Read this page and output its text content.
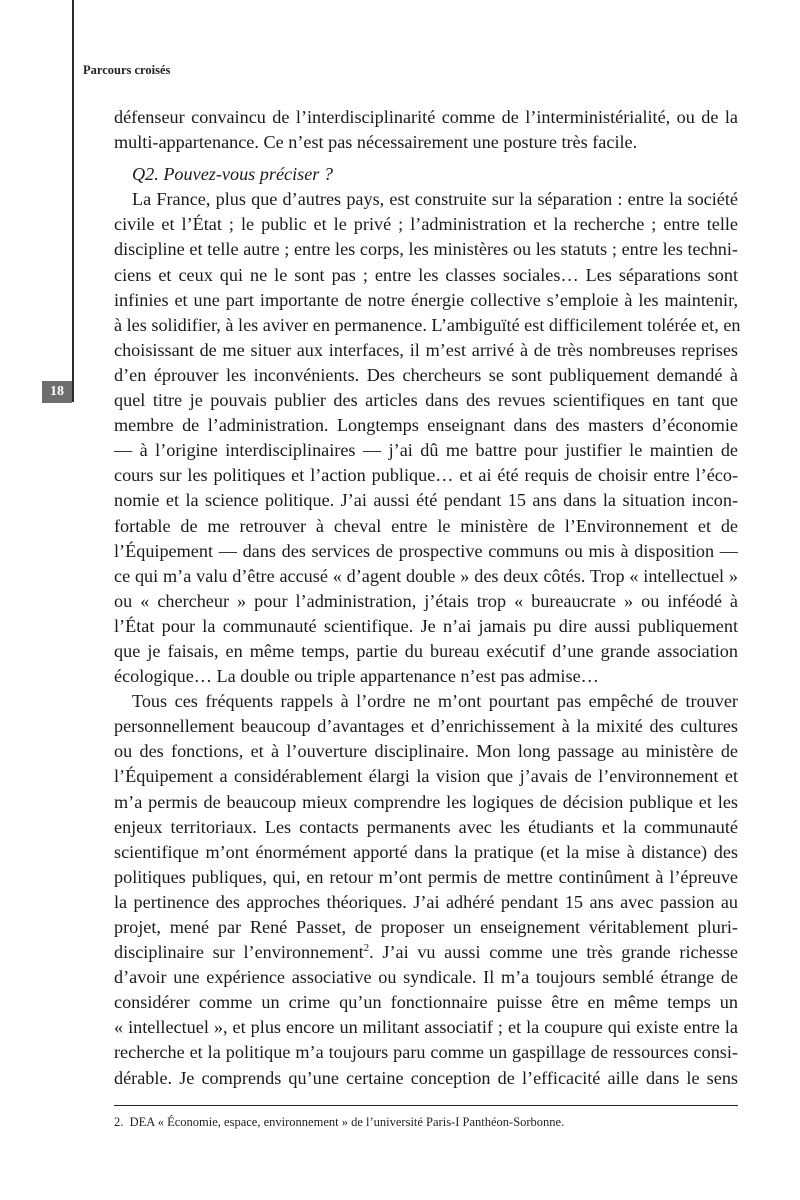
18
Parcours croisés

défenseur convaincu de l’interdisciplinarité comme de l’interministérialité, ou de la
multi-appartenance. Ce n’est pas nécessairement une posture très facile.

Q2. Pouvez-vous préciser ?

La France, plus que d’autres pays, est construite sur la séparation : entre la société
civile et l’État ; le public et le privé ; l’administration et la recherche ; entre telle
discipline et telle autre ; entre les corps, les ministères ou les statuts ; entre les techni-
ciens et ceux qui ne le sont pas ; entre les classes sociales… Les séparations sont
infinies et une part importante de notre énergie collective s’emploie à les maintenir,
à les solidifier, à les aviver en permanence. L’ambiguïté est difficilement tolérée et, en
choisissant de me situer aux interfaces, il m’est arrivé à de très nombreuses reprises
d’en éprouver les inconvénients. Des chercheurs se sont publiquement demandé à
quel titre je pouvais publier des articles dans des revues scientifiques en tant que
membre de l’administration. Longtemps enseignant dans des masters d’économie
— à l’origine interdisciplinaires — j’ai dû me battre pour justifier le maintien de
cours sur les politiques et l’action publique… et ai été requis de choisir entre l’éco-
nomie et la science politique. J’ai aussi été pendant 15 ans dans la situation incon-
fortable de me retrouver à cheval entre le ministère de l’Environnement et de
l’Équipement — dans des services de prospective communs ou mis à disposition —
ce qui m’a valu d’être accusé « d’agent double » des deux côtés. Trop « intellectuel »
ou « chercheur » pour l’administration, j’étais trop « bureaucrate » ou inféodé à
l’État pour la communauté scientifique. Je n’ai jamais pu dire aussi publiquement
que je faisais, en même temps, partie du bureau exécutif d’une grande association
écologique… La double ou triple appartenance n’est pas admise…

Tous ces fréquents rappels à l’ordre ne m’ont pourtant pas empêché de trouver
personnellement beaucoup d’avantages et d’enrichissement à la mixité des cultures
ou des fonctions, et à l’ouverture disciplinaire. Mon long passage au ministère de
l’Équipement a considérablement élargi la vision que j’avais de l’environnement et
m’a permis de beaucoup mieux comprendre les logiques de décision publique et les
enjeux territoriaux. Les contacts permanents avec les étudiants et la communauté
scientifique m’ont énormément apporté dans la pratique (et la mise à distance) des
politiques publiques, qui, en retour m’ont permis de mettre continûment à l’épreuve
la pertinence des approches théoriques. J’ai adhéré pendant 15 ans avec passion au
projet, mené par René Passet, de proposer un enseignement véritablement pluri-
disciplinaire sur l’environnement$^2$. J’ai vu aussi comme une très grande richesse
d’avoir une expérience associative ou syndicale. Il m’a toujours semblé étrange de
considérer comme un crime qu’un fonctionnaire puisse être en même temps un
« intellectuel », et plus encore un militant associatif ; et la coupure qui existe entre la
recherche et la politique m’a toujours paru comme un gaspillage de ressources consi-
dérable. Je comprends qu’une certaine conception de l’efficacité aille dans le sens

2. DEA « Économie, espace, environnement » de l’université Paris-I Panthéon-Sorbonne.
